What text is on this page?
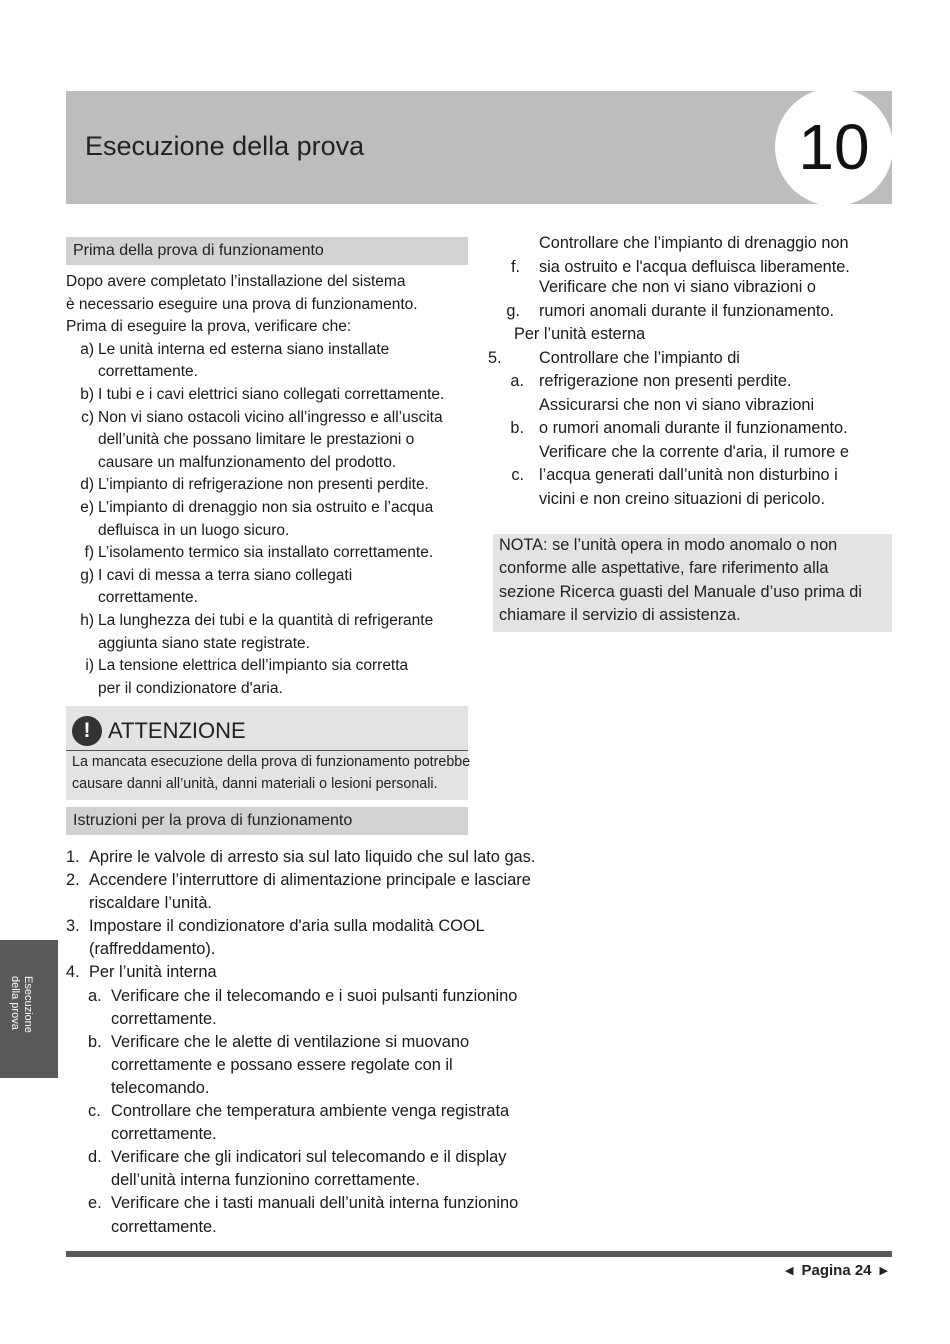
Esecuzione della prova	10
Prima della prova di funzionamento
Dopo avere completato l’installazione del sistema
è necessario eseguire una prova di funzionamento.
Prima di eseguire la prova, verificare che:
a) Le unità interna ed esterna siano installate
correttamente.
b) I tubi e i cavi elettrici siano collegati correttamente.
c) Non vi siano ostacoli vicino all’ingresso e all’uscita
dell’unità che possano limitare le prestazioni o
causare un malfunzionamento del prodotto.
d) L’impianto di refrigerazione non presenti perdite.
e) L’impianto di drenaggio non sia ostruito e l’acqua
defluisca in un luogo sicuro.
f) L’isolamento termico sia installato correttamente.
g) I cavi di messa a terra siano collegati
correttamente.
h) La lunghezza dei tubi e la quantità di refrigerante
aggiunta siano state registrate.
i) La tensione elettrica dell’impianto sia corretta
per il condizionatore d'aria.
! ATTENZIONE
La mancata esecuzione della prova di funzionamento potrebbe
causare danni all’unità, danni materiali o lesioni personali.
Istruzioni per la prova di funzionamento
1. Aprire le valvole di arresto sia sul lato liquido che sul lato gas.
2. Accendere l’interruttore di alimentazione principale e lasciare
riscaldare l’unità.
3. Impostare il condizionatore d'aria sulla modalità COOL
(raffreddamento).
4. Per l’unità interna
a. Verificare che il telecomando e i suoi pulsanti funzionino
correttamente.
b. Verificare che le alette di ventilazione si muovano
correttamente e possano essere regolate con il
telecomando.
c. Controllare che temperatura ambiente venga registrata
correttamente.
d. Verificare che gli indicatori sul telecomando e il display
dell’unità interna funzionino correttamente.
e. Verificare che i tasti manuali dell’unità interna funzionino
correttamente.
Controllare che l’impianto di drenaggio non
f.	sia ostruito e l'acqua defluisca liberamente.
Verificare che non vi siano vibrazioni o
g.	rumori anomali durante il funzionamento.
Per l’unità esterna
5.	Controllare che l’impianto di
a. refrigerazione non presenti perdite.
Assicurarsi che non vi siano vibrazioni
b. o rumori anomali durante il funzionamento.
Verificare che la corrente d'aria, il rumore e
c. l’acqua generati dall’unità non disturbino i
vicini e non creino situazioni di pericolo.
NOTA: se l’unità opera in modo anomalo o non
conforme alle aspettative, fare riferimento alla
sezione Ricerca guasti del Manuale d’uso prima di
chiamare il servizio di assistenza.
Esecuzione
della prova
◀ Pagina 24 ▶
